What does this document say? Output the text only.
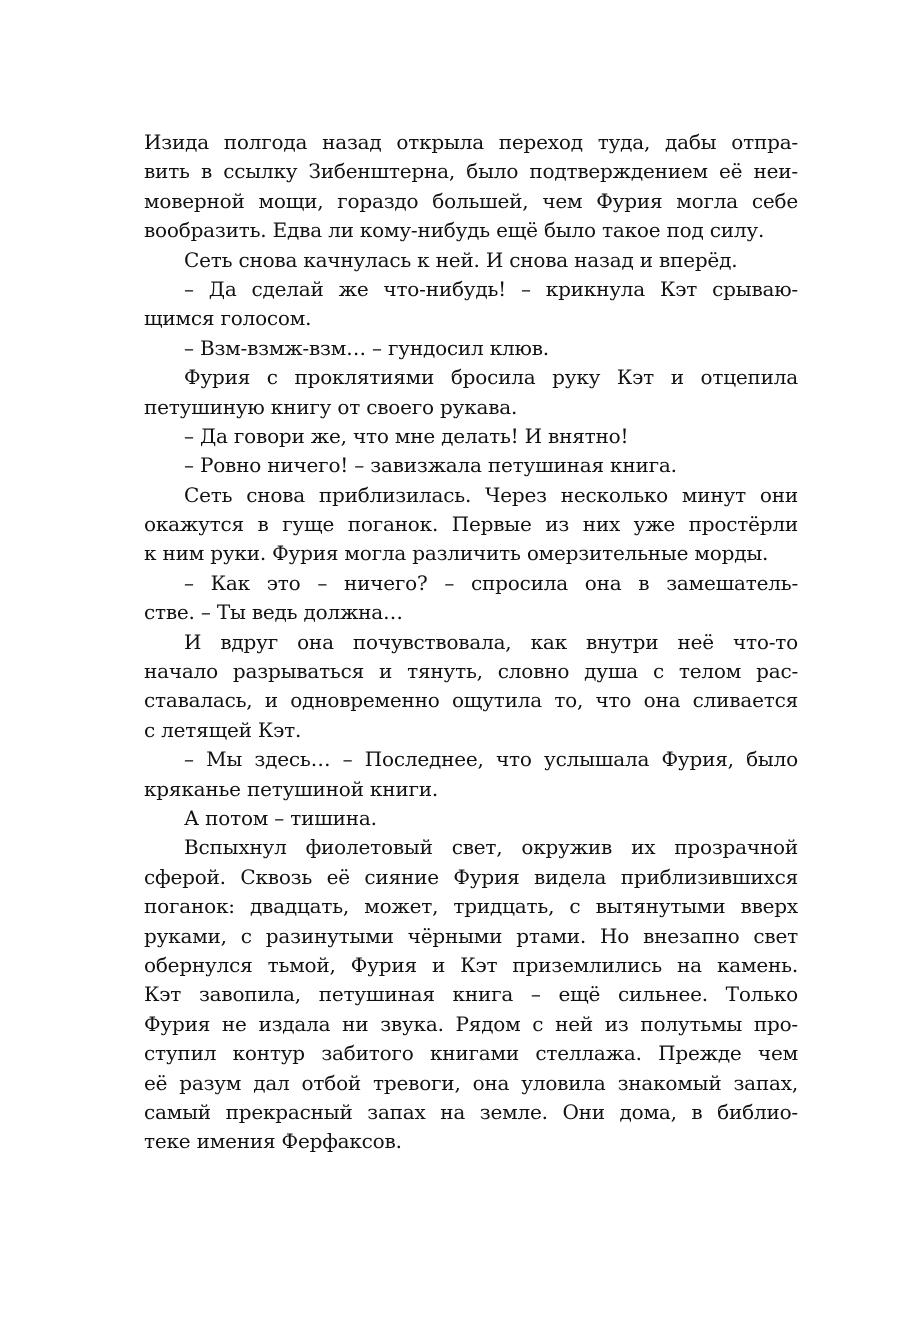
Изида полгода назад открыла переход туда, дабы отпра-
вить в ссылку Зибенштерна, было подтверждением её неи-
моверной мощи, гораздо большей, чем Фурия могла себе
вообразить. Едва ли кому-нибудь ещё было такое под силу.
Сеть снова качнулась к ней. И снова назад и вперёд.
– Да сделай же что-нибудь! – крикнула Кэт срываю-
щимся голосом.
– Взм-взмж-взм… – гундосил клюв.
Фурия с проклятиями бросила руку Кэт и отцепила
петушиную книгу от своего рукава.
– Да говори же, что мне делать! И внятно!
– Ровно ничего! – завизжала петушиная книга.
Сеть снова приблизилась. Через несколько минут они
окажутся в гуще поганок. Первые из них уже простёрли
к ним руки. Фурия могла различить омерзительные морды.
– Как это – ничего? – спросила она в замешатель-
стве. – Ты ведь должна…
И вдруг она почувствовала, как внутри неё что-то
начало разрываться и тянуть, словно душа с телом рас-
ставалась, и одновременно ощутила то, что она сливается
с летящей Кэт.
– Мы здесь… – Последнее, что услышала Фурия, было
кряканье петушиной книги.
А потом – тишина.
Вспыхнул фиолетовый свет, окружив их прозрачной
сферой. Сквозь её сияние Фурия видела приблизившихся
поганок: двадцать, может, тридцать, с вытянутыми вверх
руками, с разинутыми чёрными ртами. Но внезапно свет
обернулся тьмой, Фурия и Кэт приземлились на камень.
Кэт завопила, петушиная книга – ещё сильнее. Только
Фурия не издала ни звука. Рядом с ней из полутьмы про-
ступил контур забитого книгами стеллажа. Прежде чем
её разум дал отбой тревоги, она уловила знакомый запах,
самый прекрасный запах на земле. Они дома, в библио-
теке имения Ферфаксов.
